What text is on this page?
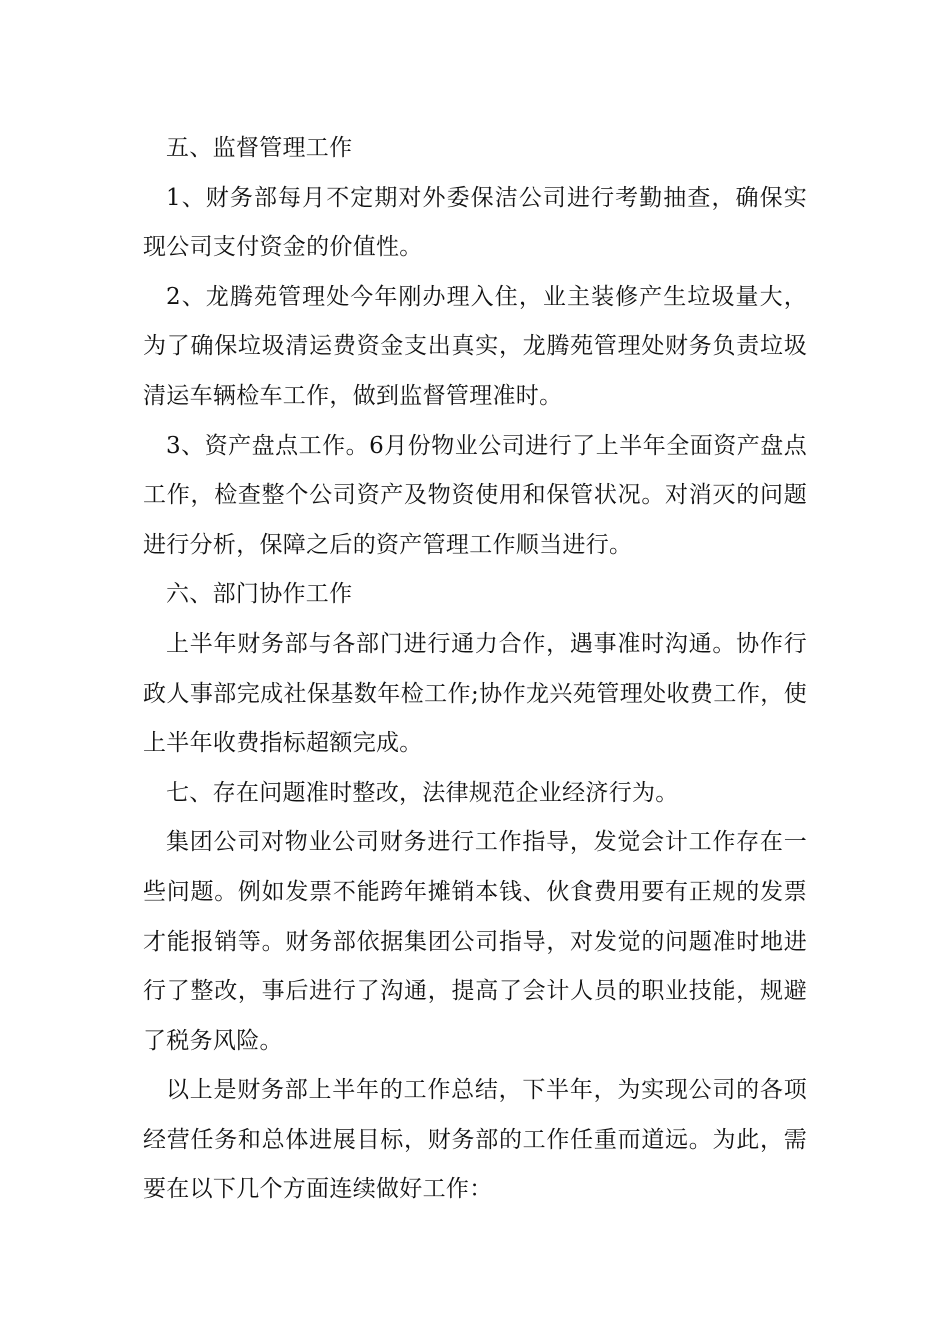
五、监督管理工作

1、财务部每月不定期对外委保洁公司进行考勤抽查，确保实现公司支付资金的价值性。

2、龙腾苑管理处今年刚办理入住，业主装修产生垃圾量大，为了确保垃圾清运费资金支出真实，龙腾苑管理处财务负责垃圾清运车辆检车工作，做到监督管理准时。

3、资产盘点工作。6月份物业公司进行了上半年全面资产盘点工作，检查整个公司资产及物资使用和保管状况。对消灭的问题进行分析，保障之后的资产管理工作顺当进行。

六、部门协作工作

上半年财务部与各部门进行通力合作，遇事准时沟通。协作行政人事部完成社保基数年检工作;协作龙兴苑管理处收费工作，使上半年收费指标超额完成。

七、存在问题准时整改，法律规范企业经济行为。

集团公司对物业公司财务进行工作指导，发觉会计工作存在一些问题。例如发票不能跨年摊销本钱、伙食费用要有正规的发票才能报销等。财务部依据集团公司指导，对发觉的问题准时地进行了整改，事后进行了沟通，提高了会计人员的职业技能，规避了税务风险。

以上是财务部上半年的工作总结，下半年，为实现公司的各项经营任务和总体进展目标，财务部的工作任重而道远。为此，需要在以下几个方面连续做好工作：
